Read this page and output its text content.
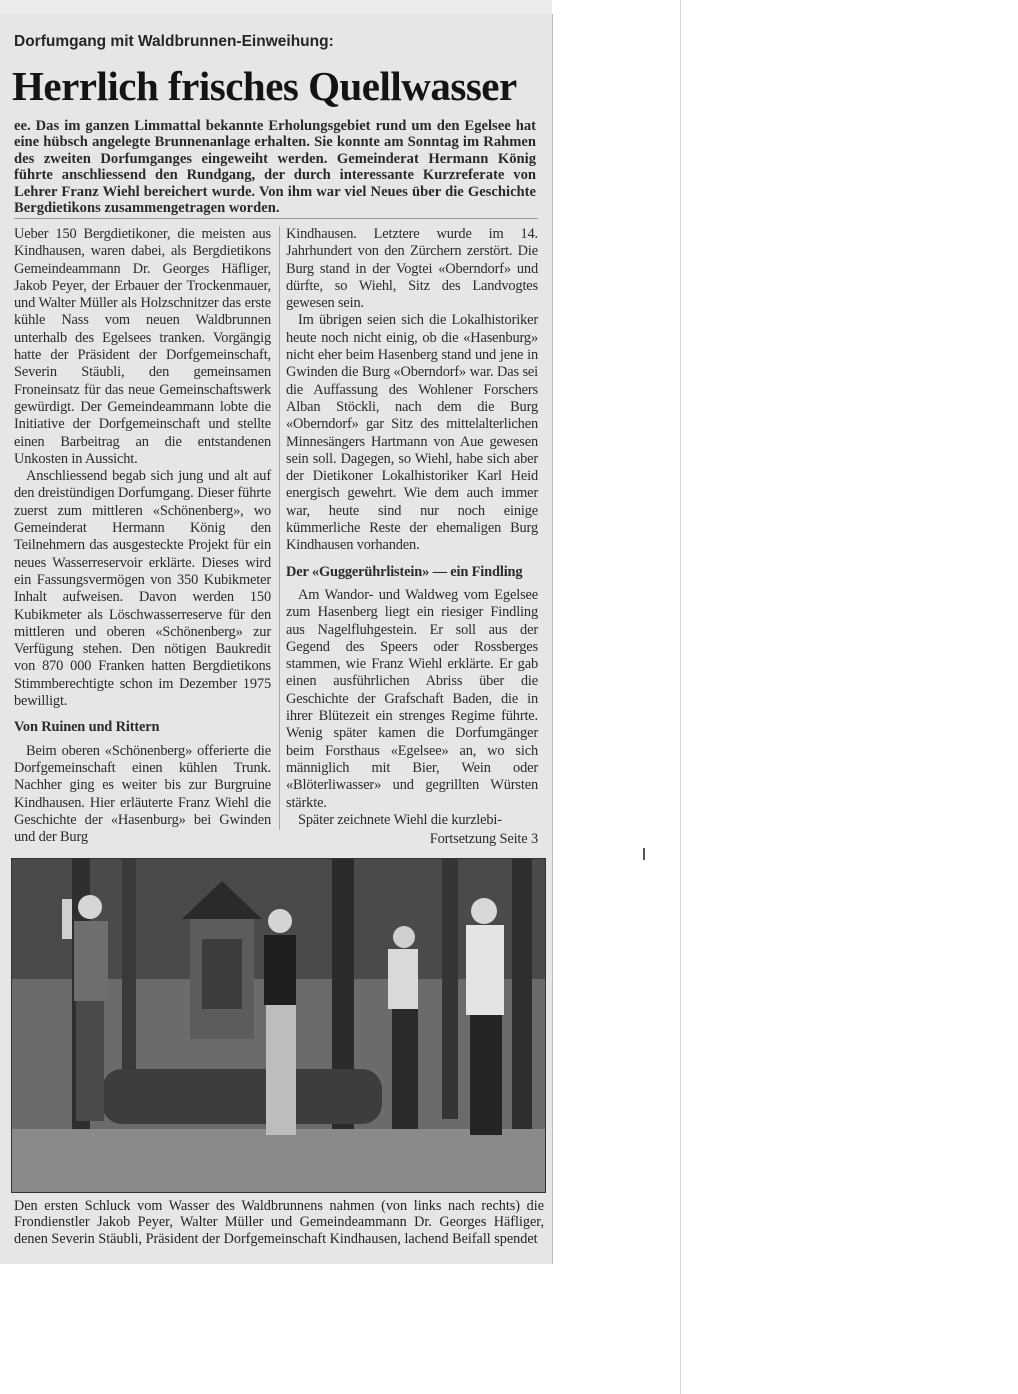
Dorfumgang mit Waldbrunnen-Einweihung:
Herrlich frisches Quellwasser
ee. Das im ganzen Limmattal bekannte Erholungsgebiet rund um den Egelsee hat eine hübsch angelegte Brunnenanlage erhalten. Sie konnte am Sonntag im Rahmen des zweiten Dorfumganges eingeweiht werden. Gemeinderat Hermann König führte anschliessend den Rundgang, der durch interessante Kurzreferate von Lehrer Franz Wiehl bereichert wurde. Von ihm war viel Neues über die Geschichte Bergdietikons zusammengetragen worden.

Ueber 150 Bergdietikoner, die meisten aus Kindhausen, waren dabei, als Bergdietikons Gemeindeammann Dr. Georges Häfliger, Jakob Peyer, der Erbauer der Trockenmauer, und Walter Müller als Holzschnitzer das erste kühle Nass vom neuen Waldbrunnen unterhalb des Egelsees tranken. Vorgängig hatte der Präsident der Dorfgemeinschaft, Severin Stäubli, den gemeinsamen Froneinsatz für das neue Gemeinschaftswerk gewürdigt. Der Gemeindeammann lobte die Initiative der Dorfgemeinschaft und stellte einen Barbeitrag an die entstandenen Unkosten in Aussicht.

Anschliessend begab sich jung und alt auf den dreistündigen Dorfumgang. Dieser führte zuerst zum mittleren «Schönenberg», wo Gemeinderat Hermann König den Teilnehmern das ausgesteckte Projekt für ein neues Wasserreservoir erklärte. Dieses wird ein Fassungsvermögen von 350 Kubikmeter Inhalt aufweisen. Davon werden 150 Kubikmeter als Löschwasserreserve für den mittleren und oberen «Schönenberg» zur Verfügung stehen. Den nötigen Baukredit von 870 000 Franken hatten Bergdietikons Stimmberechtigte schon im Dezember 1975 bewilligt.

Von Ruinen und Rittern

Beim oberen «Schönenberg» offerierte die Dorfgemeinschaft einen kühlen Trunk. Nachher ging es weiter bis zur Burgruine Kindhausen. Hier erläuterte Franz Wiehl die Geschichte der «Hasenburg» bei Gwinden und der Burg

Kindhausen. Letztere wurde im 14. Jahrhundert von den Zürchern zerstört. Die Burg stand in der Vogtei «Oberndorf» und dürfte, so Wiehl, Sitz des Landvogtes gewesen sein.

Im übrigen seien sich die Lokalhistoriker heute noch nicht einig, ob die «Hasenburg» nicht eher beim Hasenberg stand und jene in Gwinden die Burg «Oberndorf» war. Das sei die Auffassung des Wohlener Forschers Alban Stöckli, nach dem die Burg «Oberndorf» gar Sitz des mittelalterlichen Minnesängers Hartmann von Aue gewesen sein soll. Dagegen, so Wiehl, habe sich aber der Dietikoner Lokalhistoriker Karl Heid energisch gewehrt. Wie dem auch immer war, heute sind nur noch einige kümmerliche Reste der ehemaligen Burg Kindhausen vorhanden.

Der «Guggerührlistein» — ein Findling

Am Wandor- und Waldweg vom Egelsee zum Hasenberg liegt ein riesiger Findling aus Nagelfluhgestein. Er soll aus der Gegend des Speers oder Rossberges stammen, wie Franz Wiehl erklärte. Er gab einen ausführlichen Abriss über die Geschichte der Grafschaft Baden, die in ihrer Blütezeit ein strenges Regime führte. Wenig später kamen die Dorfumgänger beim Forsthaus «Egelsee» an, wo sich männiglich mit Bier, Wein oder «Blöterliwasser» und gegrillten Würsten stärkte.

Später zeichnete Wiehl die kurzlebi-

Fortsetzung Seite 3

Den ersten Schluck vom Wasser des Waldbrunnens nahmen (von links nach rechts) die Frondienstler Jakob Peyer, Walter Müller und Gemeindeammann Dr. Georges Häfliger, denen Severin Stäubli, Präsident der Dorfgemeinschaft Kindhausen, lachend Beifall spendet
